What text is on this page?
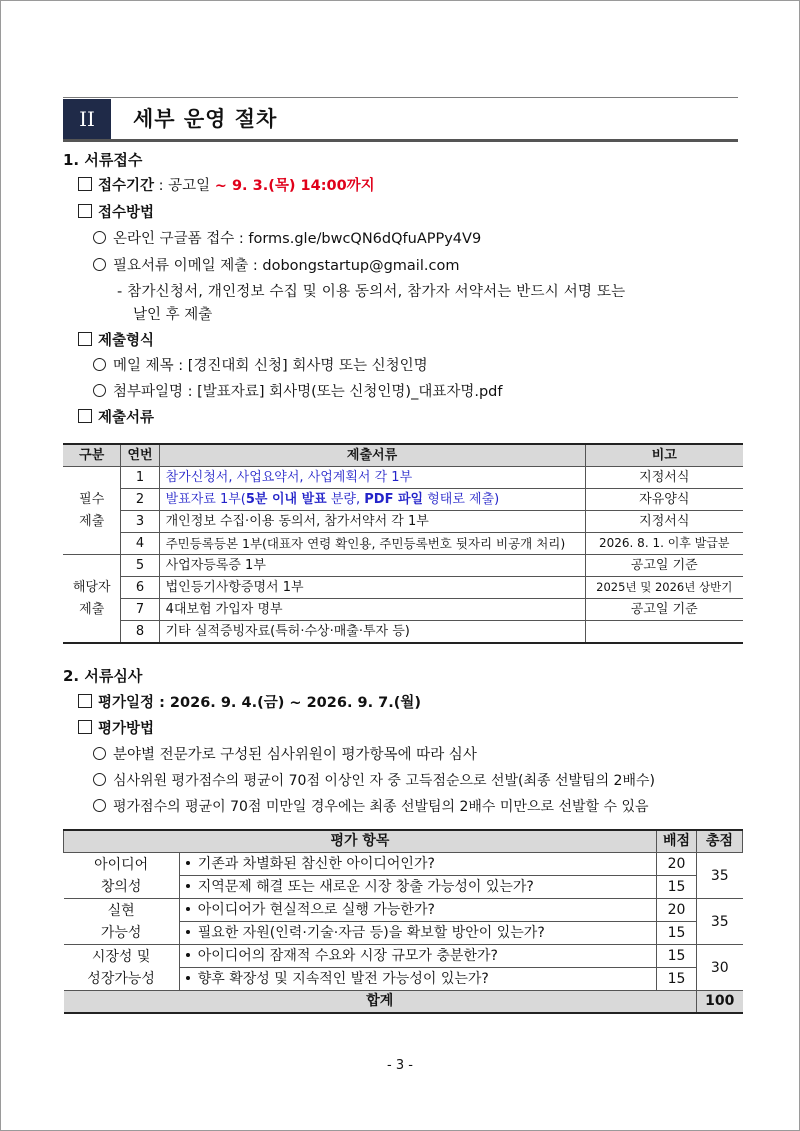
II 세부 운영 절차
1. 서류접수
접수기간 : 공고일 ~ 9. 3.(목) 14:00까지
접수방법
온라인 구글폼 접수 : forms.gle/bwcQN6dQfuAPPy4V9
필요서류 이메일 제출 : dobongstartup@gmail.com
- 참가신청서, 개인정보 수집 및 이용 동의서, 참가자 서약서는 반드시 서명 또는
날인 후 제출
제출형식
메일 제목 : [경진대회 신청] 회사명 또는 신청인명
첨부파일명 : [발표자료] 회사명(또는 신청인명)_대표자명.pdf
제출서류
구분	연번	제출서류	비고
필수
제출	1	참가신청서, 사업요약서, 사업계획서 각 1부	지정서식
	2	발표자료 1부(5분 이내 발표 분량, PDF 파일 형태로 제출)	자유양식
	3	개인정보 수집·이용 동의서, 참가서약서 각 1부	지정서식
	4	주민등록등본 1부(대표자 연령 확인용, 주민등록번호 뒷자리 비공개 처리)	2026. 8. 1. 이후 발급분
해당자
제출	5	사업자등록증 1부	공고일 기준
	6	법인등기사항증명서 1부	2025년 및 2026년 상반기
	7	4대보험 가입자 명부	공고일 기준
	8	기타 실적증빙자료(특허·수상·매출·투자 등)	
2. 서류심사
평가일정 : 2026. 9. 4.(금) ~ 2026. 9. 7.(월)
평가방법
분야별 전문가로 구성된 심사위원이 평가항목에 따라 심사
심사위원 평가점수의 평균이 70점 이상인 자 중 고득점순으로 선발(최종 선발팀의 2배수)
평가점수의 평균이 70점 미만일 경우에는 최종 선발팀의 2배수 미만으로 선발할 수 있음
평가 항목		배점	총점
아이디어
창의성	기존과 차별화된 참신한 아이디어인가?	20	35
	지역문제 해결 또는 새로운 시장 창출 가능성이 있는가?	15	
실현
가능성	아이디어가 현실적으로 실행 가능한가?	20	35
	필요한 자원(인력·기술·자금 등)을 확보할 방안이 있는가?	15	
시장성 및
성장가능성	아이디어의 잠재적 수요와 시장 규모가 충분한가?	15	30
	향후 확장성 및 지속적인 발전 가능성이 있는가?	15	
합계			100
- 3 -
